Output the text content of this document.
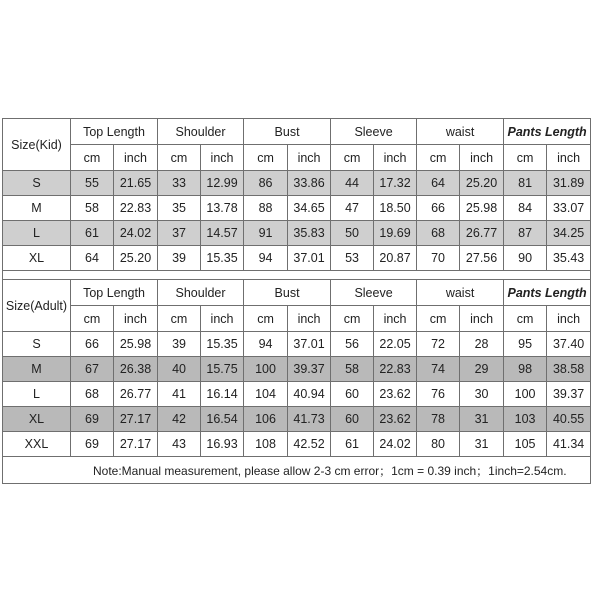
Size(Kid)	Top Length		Shoulder		Bust		Sleeve		waist		Pants Length	
	cm	inch	cm	inch	cm	inch	cm	inch	cm	inch	cm	inch
S	55	21.65	33	12.99	86	33.86	44	17.32	64	25.20	81	31.89
M	58	22.83	35	13.78	88	34.65	47	18.50	66	25.98	84	33.07
L	61	24.02	37	14.57	91	35.83	50	19.69	68	26.77	87	34.25
XL	64	25.20	39	15.35	94	37.01	53	20.87	70	27.56	90	35.43

Size(Adult)	Top Length		Shoulder		Bust		Sleeve		waist		Pants Length	
	cm	inch	cm	inch	cm	inch	cm	inch	cm	inch	cm	inch
S	66	25.98	39	15.35	94	37.01	56	22.05	72	28	95	37.40
M	67	26.38	40	15.75	100	39.37	58	22.83	74	29	98	38.58
L	68	26.77	41	16.14	104	40.94	60	23.62	76	30	100	39.37
XL	69	27.17	42	16.54	106	41.73	60	23.62	78	31	103	40.55
XXL	69	27.17	43	16.93	108	42.52	61	24.02	80	31	105	41.34
Note:Manual measurement, please allow 2-3 cm error；1cm = 0.39 inch；1inch=2.54cm.												
